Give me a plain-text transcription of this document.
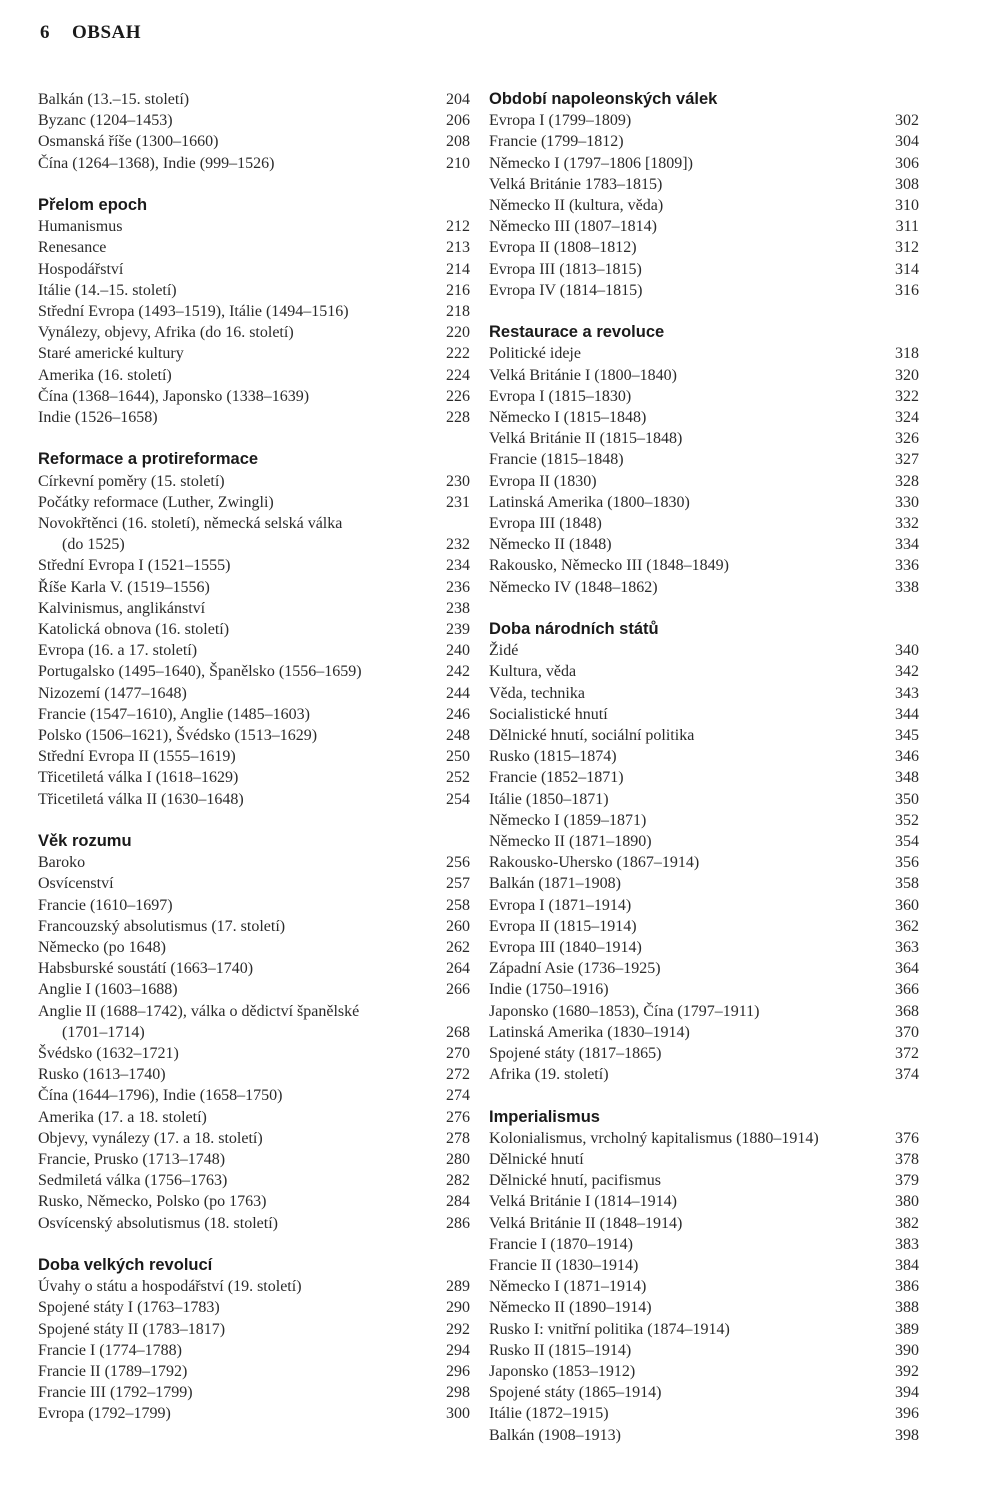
6 OBSAH
Balkán (13.–15. století)	204
Byzanc (1204–1453)	206
Osmanská říše (1300–1660)	208
Čína (1264–1368), Indie (999–1526)	210
Přelom epoch
Humanismus	212
Renesance	213
Hospodářství	214
Itálie (14.–15. století)	216
Střední Evropa (1493–1519), Itálie (1494–1516)	218
Vynálezy, objevy, Afrika (do 16. století)	220
Staré americké kultury	222
Amerika (16. století)	224
Čína (1368–1644), Japonsko (1338–1639)	226
Indie (1526–1658)	228
Reformace a protireformace
Církevní poměry (15. století)	230
Počátky reformace (Luther, Zwingli)	231
Novokřtěnci (16. století), německá selská válka
(do 1525)	232
Střední Evropa I (1521–1555)	234
Říše Karla V. (1519–1556)	236
Kalvinismus, anglikánství	238
Katolická obnova (16. století)	239
Evropa (16. a 17. století)	240
Portugalsko (1495–1640), Španělsko (1556–1659)	242
Nizozemí (1477–1648)	244
Francie (1547–1610), Anglie (1485–1603)	246
Polsko (1506–1621), Švédsko (1513–1629)	248
Střední Evropa II (1555–1619)	250
Třicetiletá válka I (1618–1629)	252
Třicetiletá válka II (1630–1648)	254
Věk rozumu
Baroko	256
Osvícenství	257
Francie (1610–1697)	258
Francouzský absolutismus (17. století)	260
Německo (po 1648)	262
Habsburské soustátí (1663–1740)	264
Anglie I (1603–1688)	266
Anglie II (1688–1742), válka o dědictví španělské
(1701–1714)	268
Švédsko (1632–1721)	270
Rusko (1613–1740)	272
Čína (1644–1796), Indie (1658–1750)	274
Amerika (17. a 18. století)	276
Objevy, vynálezy (17. a 18. století)	278
Francie, Prusko (1713–1748)	280
Sedmiletá válka (1756–1763)	282
Rusko, Německo, Polsko (po 1763)	284
Osvícenský absolutismus (18. století)	286
Doba velkých revolucí
Úvahy o státu a hospodářství (19. století)	289
Spojené státy I (1763–1783)	290
Spojené státy II (1783–1817)	292
Francie I (1774–1788)	294
Francie II (1789–1792)	296
Francie III (1792–1799)	298
Evropa (1792–1799)	300
Období napoleonských válek
Evropa I (1799–1809)	302
Francie (1799–1812)	304
Německo I (1797–1806 [1809])	306
Velká Británie 1783–1815)	308
Německo II (kultura, věda)	310
Německo III (1807–1814)	311
Evropa II (1808–1812)	312
Evropa III (1813–1815)	314
Evropa IV (1814–1815)	316
Restaurace a revoluce
Politické ideje	318
Velká Británie I (1800–1840)	320
Evropa I (1815–1830)	322
Německo I (1815–1848)	324
Velká Británie II (1815–1848)	326
Francie (1815–1848)	327
Evropa II (1830)	328
Latinská Amerika (1800–1830)	330
Evropa III (1848)	332
Německo II (1848)	334
Rakousko, Německo III (1848–1849)	336
Německo IV (1848–1862)	338
Doba národních států
Židé	340
Kultura, věda	342
Věda, technika	343
Socialistické hnutí	344
Dělnické hnutí, sociální politika	345
Rusko (1815–1874)	346
Francie (1852–1871)	348
Itálie (1850–1871)	350
Německo I (1859–1871)	352
Německo II (1871–1890)	354
Rakousko-Uhersko (1867–1914)	356
Balkán (1871–1908)	358
Evropa I (1871–1914)	360
Evropa II (1815–1914)	362
Evropa III (1840–1914)	363
Západní Asie (1736–1925)	364
Indie (1750–1916)	366
Japonsko (1680–1853), Čína (1797–1911)	368
Latinská Amerika (1830–1914)	370
Spojené státy (1817–1865)	372
Afrika (19. století)	374
Imperialismus
Kolonialismus, vrcholný kapitalismus (1880–1914)	376
Dělnické hnutí	378
Dělnické hnutí, pacifismus	379
Velká Británie I (1814–1914)	380
Velká Británie II (1848–1914)	382
Francie I (1870–1914)	383
Francie II (1830–1914)	384
Německo I (1871–1914)	386
Německo II (1890–1914)	388
Rusko I: vnitřní politika (1874–1914)	389
Rusko II (1815–1914)	390
Japonsko (1853–1912)	392
Spojené státy (1865–1914)	394
Itálie (1872–1915)	396
Balkán (1908–1913)	398
